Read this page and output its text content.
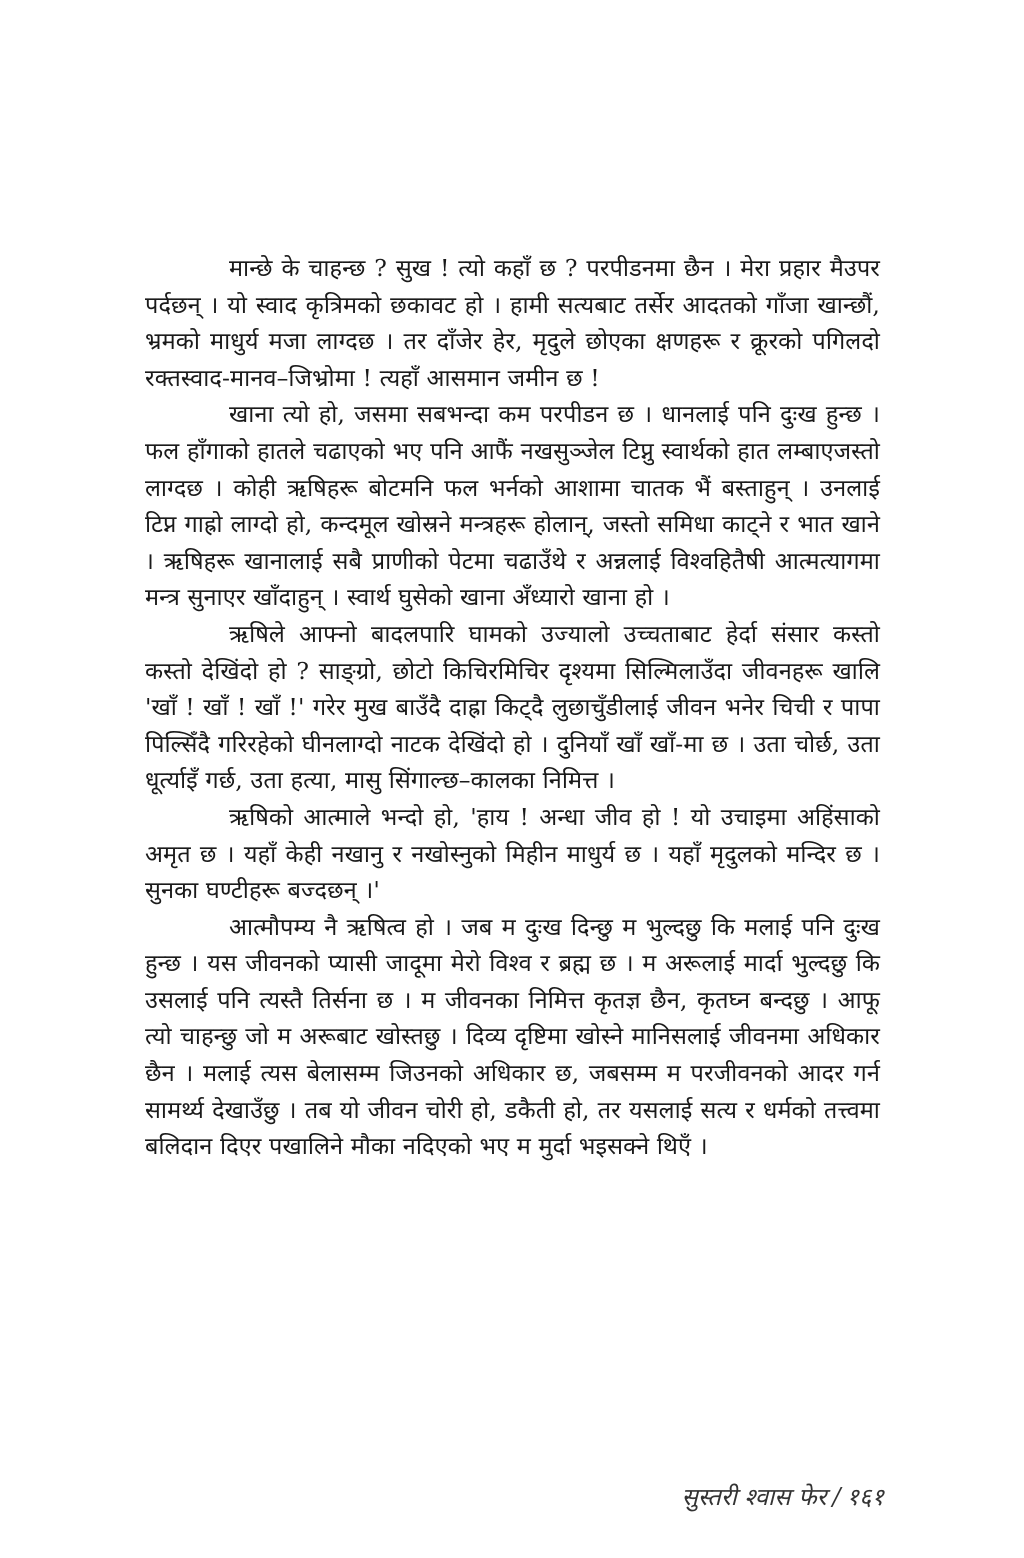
मान्छे के चाहन्छ ? सुख ! त्यो कहाँ छ ? परपीडनमा छैन । मेरा प्रहार मैउपर पर्दछन् । यो स्वाद कृत्रिमको छकावट हो । हामी सत्यबाट तर्सेर आदतको गाँजा खान्छौं, भ्रमको माधुर्य मजा लाग्दछ । तर दाँजेर हेर, मृदुले छोएका क्षणहरू र क्रूरको पगिलदो रक्तस्वाद-मानव–जिभ्रोमा ! त्यहाँ आसमान जमीन छ !

खाना त्यो हो, जसमा सबभन्दा कम परपीडन छ । धानलाई पनि दुःख हुन्छ । फल हाँगाको हातले चढाएको भए पनि आफैं नखसुञ्जेल टिप्नु स्वार्थको हात लम्बाएजस्तो लाग्दछ । कोही ऋषिहरू बोटमनि फल भर्नको आशामा चातक भैं बस्ताहुन् । उनलाई टिप्न गाह्रो लाग्दो हो, कन्दमूल खोस्रने मन्त्रहरू होलान्, जस्तो समिधा काट्ने र भात खाने । ऋषिहरू खानालाई सबै प्राणीको पेटमा चढाउँथे र अन्नलाई विश्वहितैषी आत्मत्यागमा मन्त्र सुनाएर खाँदाहुन् । स्वार्थ घुसेको खाना अँध्यारो खाना हो ।

ऋषिले आफ्नो बादलपारि घामको उज्यालो उच्चताबाट हेर्दा संसार कस्तो कस्तो देखिंदो हो ? साङ्ग्रो, छोटो किचिरमिचिर दृश्यमा सिल्मिलाउँदा जीवनहरू खालि 'खाँ ! खाँ ! खाँ !' गरेर मुख बाउँदै दाह्रा किट्दै लुछाचुँडीलाई जीवन भनेर चिची र पापा पिल्सिँदै गरिरहेको घीनलाग्दो नाटक देखिंदो हो । दुनियाँ खाँ खाँ-मा छ । उता चोर्छ, उता धूर्त्याइँ गर्छ, उता हत्या, मासु सिंगाल्छ–कालका निमित्त ।

ऋषिको आत्माले भन्दो हो, 'हाय ! अन्धा जीव हो ! यो उचाइमा अहिंसाको अमृत छ । यहाँ केही नखानु र नखोस्नुको मिहीन माधुर्य छ । यहाँ मृदुलको मन्दिर छ । सुनका घण्टीहरू बज्दछन् ।'

आत्मौपम्य नै ऋषित्व हो । जब म दुःख दिन्छु म भुल्दछु कि मलाई पनि दुःख हुन्छ । यस जीवनको प्यासी जादूमा मेरो विश्व र ब्रह्म छ । म अरूलाई मार्दा भुल्दछु कि उसलाई पनि त्यस्तै तिर्सना छ । म जीवनका निमित्त कृतज्ञ छैन, कृतघ्न बन्दछु । आफू त्यो चाहन्छु जो म अरूबाट खोस्तछु । दिव्य दृष्टिमा खोस्ने मानिसलाई जीवनमा अधिकार छैन । मलाई त्यस बेलासम्म जिउनको अधिकार छ, जबसम्म म परजीवनको आदर गर्न सामर्थ्य देखाउँछु । तब यो जीवन चोरी हो, डकैती हो, तर यसलाई सत्य र धर्मको तत्त्वमा बलिदान दिएर पखालिने मौका नदिएको भए म मुर्दा भइसक्ने थिएँ ।

सुस्तरी श्वास फेर / १६१
